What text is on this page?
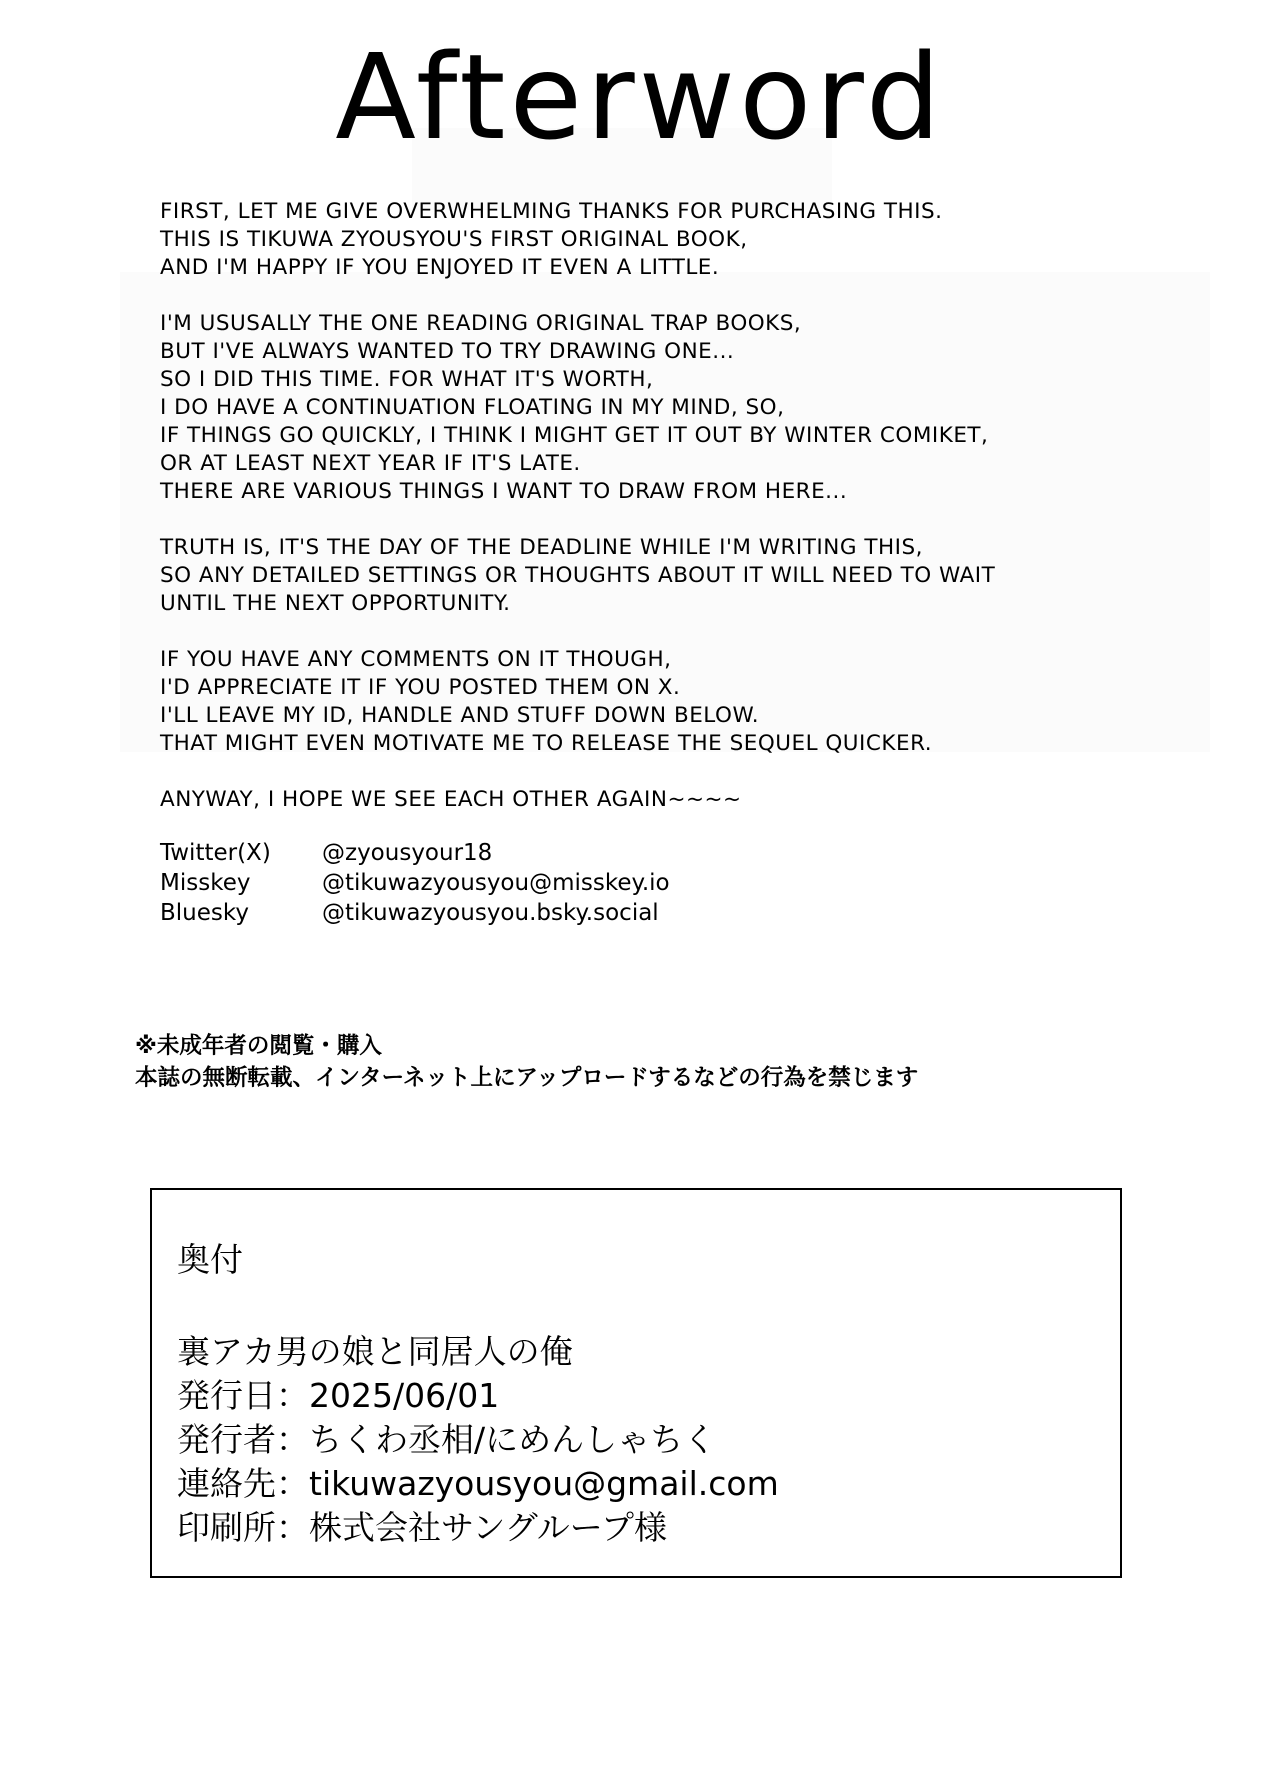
Afterword
FIRST, LET ME GIVE OVERWHELMING THANKS FOR PURCHASING THIS.
THIS IS TIKUWA ZYOUSYOU'S FIRST ORIGINAL BOOK,
AND I'M HAPPY IF YOU ENJOYED IT EVEN A LITTLE.
I'M USUSALLY THE ONE READING ORIGINAL TRAP BOOKS,
BUT I'VE ALWAYS WANTED TO TRY DRAWING ONE...
SO I DID THIS TIME. FOR WHAT IT'S WORTH,
I DO HAVE A CONTINUATION FLOATING IN MY MIND, SO,
IF THINGS GO QUICKLY, I THINK I MIGHT GET IT OUT BY WINTER COMIKET,
OR AT LEAST NEXT YEAR IF IT'S LATE.
THERE ARE VARIOUS THINGS I WANT TO DRAW FROM HERE...
TRUTH IS, IT'S THE DAY OF THE DEADLINE WHILE I'M WRITING THIS,
SO ANY DETAILED SETTINGS OR THOUGHTS ABOUT IT WILL NEED TO WAIT
UNTIL THE NEXT OPPORTUNITY.
IF YOU HAVE ANY COMMENTS ON IT THOUGH,
I'D APPRECIATE IT IF YOU POSTED THEM ON X.
I'LL LEAVE MY ID, HANDLE AND STUFF DOWN BELOW.
THAT MIGHT EVEN MOTIVATE ME TO RELEASE THE SEQUEL QUICKER.
ANYWAY, I HOPE WE SEE EACH OTHER AGAIN~~~~
Twitter(X) @zyousyour18
Misskey	@tikuwazyousyou@misskey.io
Bluesky	@tikuwazyousyou.bsky.social
※未成年者の閲覧・購入
本誌の無断転載、インターネット上にアップロードするなどの行為を禁じます
奥付
裏アカ男の娘と同居人の俺
発行日：2025/06/01
発行者：ちくわ丞相/にめんしゃちく
連絡先：tikuwazyousyou@gmail.com
印刷所：株式会社サングループ様
